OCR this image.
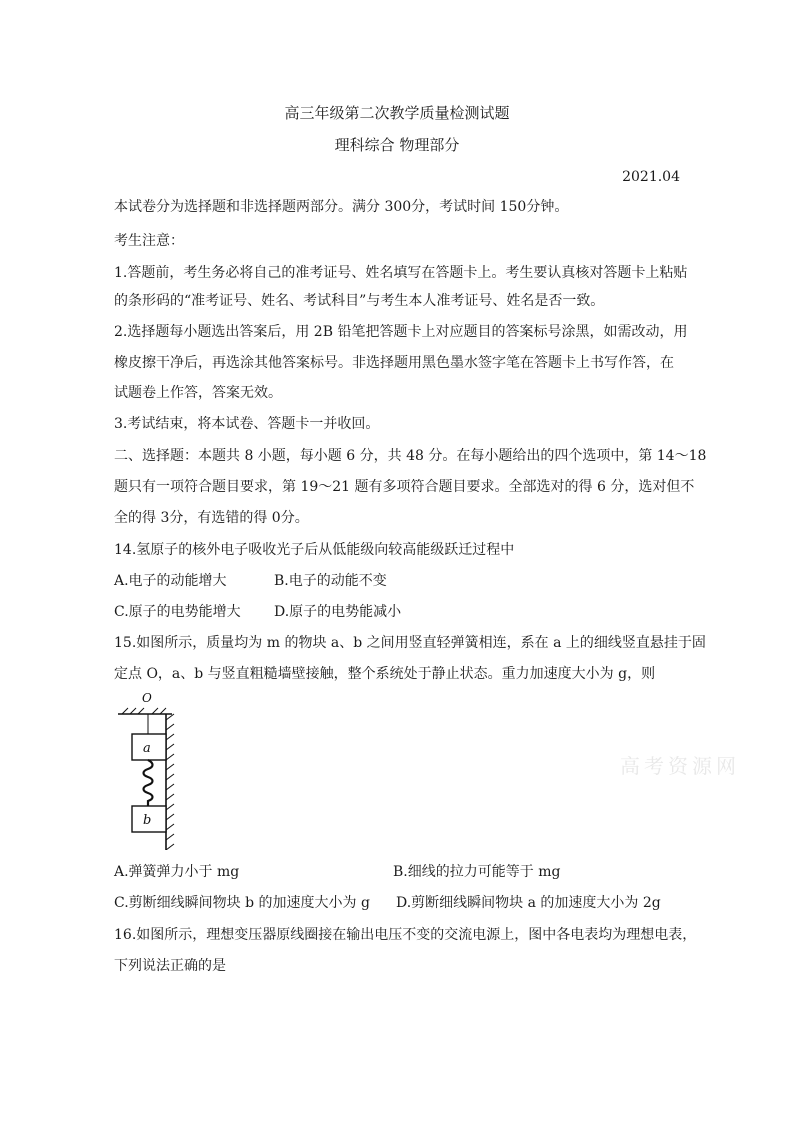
高三年级第二次教学质量检测试题
理科综合 物理部分
2021.04
本试卷分为选择题和非选择题两部分。满分 300分，考试时间 150分钟。
考生注意：
1.答题前，考生务必将自己的准考证号、姓名填写在答题卡上。考生要认真核对答题卡上粘贴
的条形码的“准考证号、姓名、考试科目”与考生本人准考证号、姓名是否一致。
2.选择题每小题选出答案后，用 2B 铅笔把答题卡上对应题目的答案标号涂黑，如需改动，用
橡皮擦干净后，再选涂其他答案标号。非选择题用黑色墨水签字笔在答题卡上书写作答，在
试题卷上作答，答案无效。
3.考试结束，将本试卷、答题卡一并收回。
二、选择题：本题共 8 小题，每小题 6 分，共 48 分。在每小题给出的四个选项中，第 14～18
题只有一项符合题目要求，第 19～21 题有多项符合题目要求。全部选对的得 6 分，选对但不
全的得 3分，有选错的得 0分。
14.氢原子的核外电子吸收光子后从低能级向较高能级跃迁过程中
A.电子的动能增大	B.电子的动能不变
C.原子的电势能增大 D.原子的电势能减小
15.如图所示，质量均为 m 的物块 a、b 之间用竖直轻弹簧相连，系在 a 上的细线竖直悬挂于固
定点 O，a、b 与竖直粗糙墙壁接触，整个系统处于静止状态。重力加速度大小为 g，则
O
a
b
高考资源网
A.弹簧弹力小于 mg	B.细线的拉力可能等于 mg
C.剪断细线瞬间物块 b 的加速度大小为 g D.剪断细线瞬间物块 a 的加速度大小为 2g
16.如图所示，理想变压器原线圈接在输出电压不变的交流电源上，图中各电表均为理想电表，
下列说法正确的是
